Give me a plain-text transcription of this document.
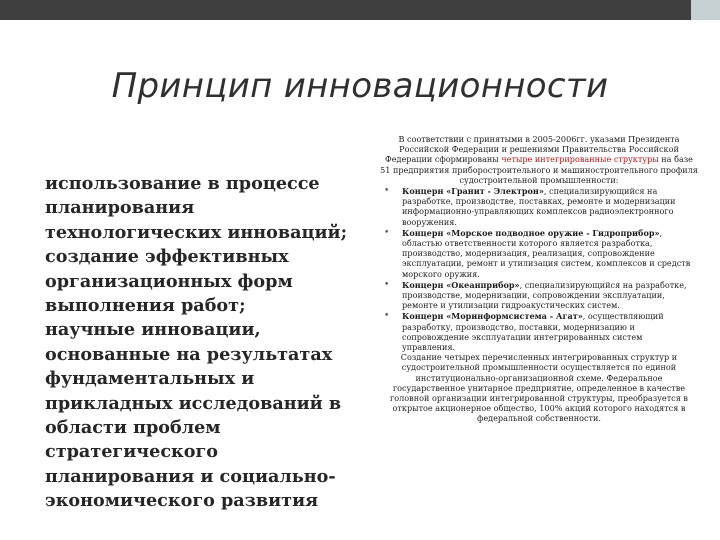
Принцип инновационности

использование в процессе планирования технологических инноваций; создание эффективных организационных форм выполнения работ;

научные инновации, основанные на результатах фундаментальных и прикладных исследований в области проблем стратегического планирования и социально-экономического развития

В соответствии с принятыми в 2005-2006гг. указами Президента Российской Федерации и решениями Правительства Российской Федерации сформированы четыре интегрированные структуры на базе 51 предприятия приборостроительного и машиностроительного профиля судостроительной промышленности:

• Концерн «Гранит - Электрон», специализирующийся на разработке, производстве, поставках, ремонте и модернизации информационно-управляющих комплексов радиоэлектронного вооружения.
• Концерн «Морское подводное оружие - Гидроприбор», областью ответственности которого является разработка, производство, модернизация, реализация, сопровождение эксплуатации, ремонт и утилизация систем, комплексов и средств морского оружия.
• Концерн «Океанприбор», специализирующийся на разработке, производстве, модернизации, сопровождении эксплуатации, ремонте и утилизации гидроакустических систем.
• Концерн «Моринформсистема - Агат», осуществляющий разработку, производство, поставки, модернизацию и сопровождение эксплуатации интегрированных систем управления.

Создание четырех перечисленных интегрированных структур и судостроительной промышленности осуществляется по единой институционально-организационной схеме. Федеральное государственное унитарное предприятие, определенное в качестве головной организации интегрированной структуры, преобразуется в открытое акционерное общество, 100% акций которого находятся в федеральной собственности.
